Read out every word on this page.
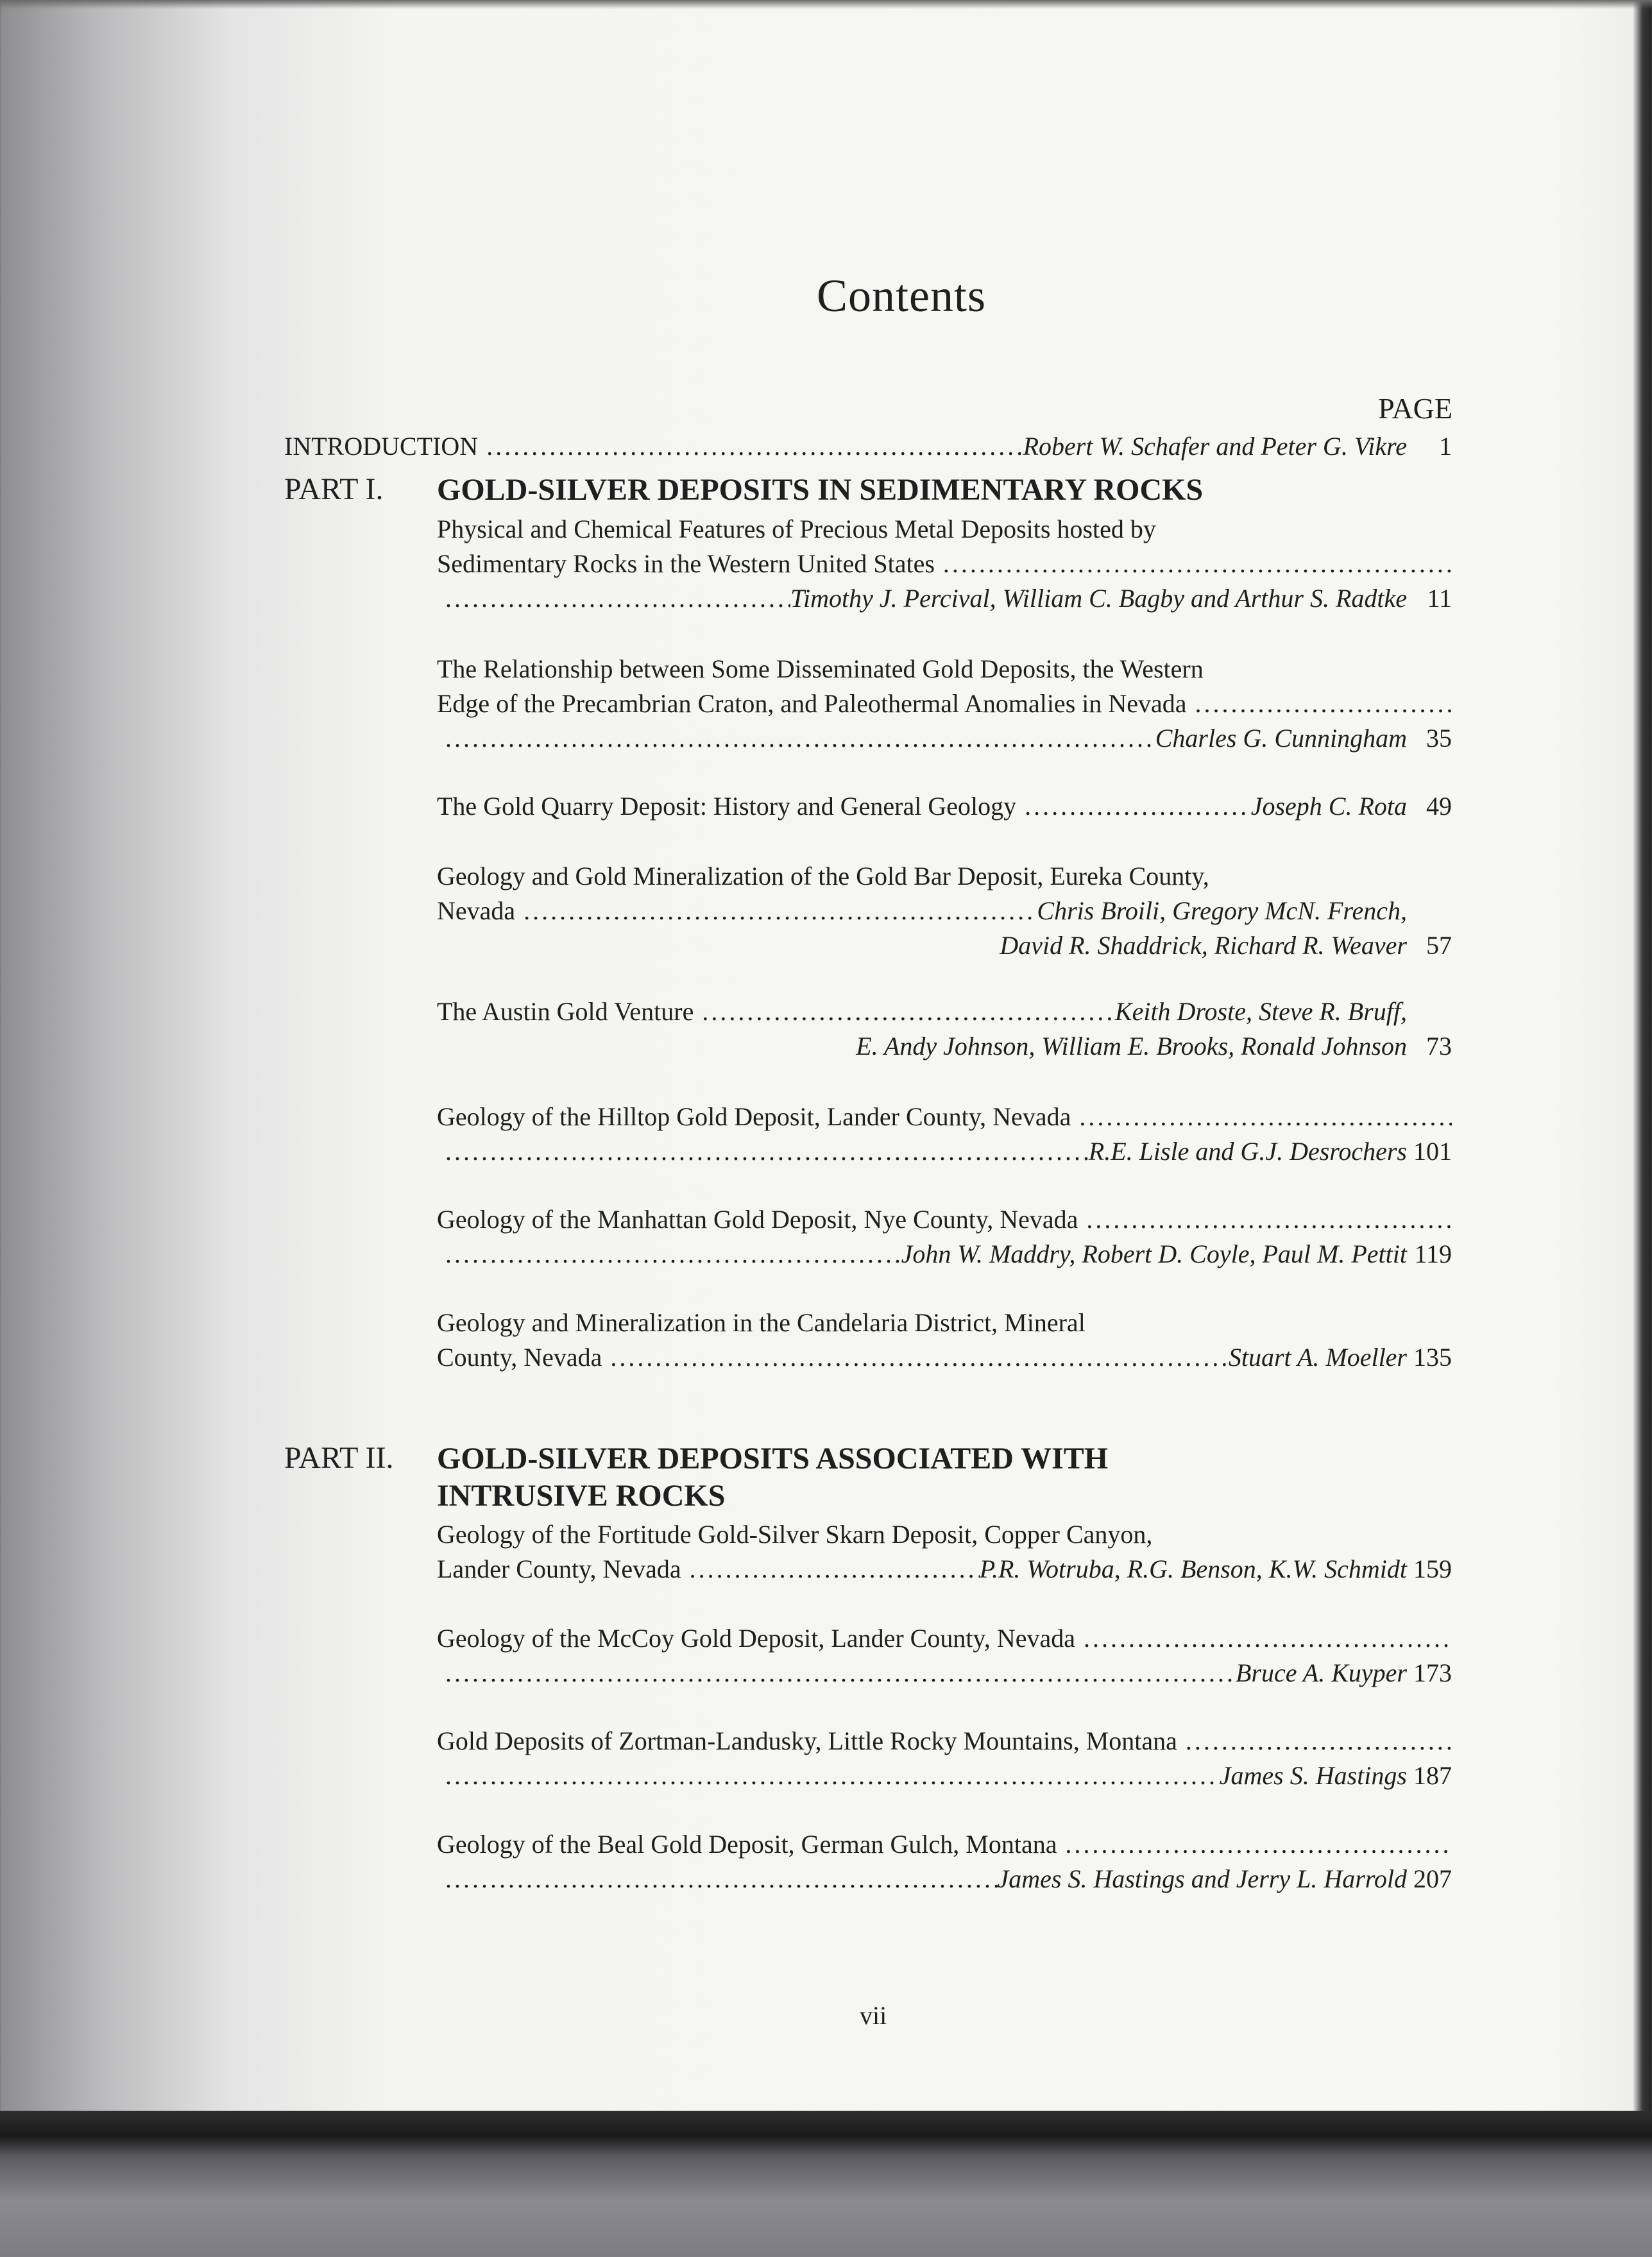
Contents
PAGE
INTRODUCTION . . .	Robert W. Schafer and Peter G. Vikre	1
PART I. GOLD-SILVER DEPOSITS IN SEDIMENTARY ROCKS
Physical and Chemical Features of Precious Metal Deposits hosted by
Sedimentary Rocks in the Western United States
. . .
. . .
Timothy J. Percival, William C. Bagby and Arthur S. Radtke 11
The Relationship between Some Disseminated Gold Deposits, the Western
Edge of the Precambrian Craton, and Paleothermal Anomalies in Nevada
. . .
. . .
Charles G. Cunningham 35
The Gold Quarry Deposit: History and General Geology . . .	Joseph C. Rota 49
Geology and Gold Mineralization of the Gold Bar Deposit, Eureka County,
Nevada . . .	Chris Broili, Gregory McN. French,
David R. Shaddrick, Richard R. Weaver 57
The Austin Gold Venture . . .	Keith Droste, Steve R. Bruff,
E. Andy Johnson, William E. Brooks, Ronald Johnson 73
Geology of the Hilltop Gold Deposit, Lander County, Nevada
. . .
. . .
R.E. Lisle and G.J. Desrochers 101
Geology of the Manhattan Gold Deposit, Nye County, Nevada
. . .
. . .
John W. Maddry, Robert D. Coyle, Paul M. Pettit 119
Geology and Mineralization in the Candelaria District, Mineral
County, Nevada . . .	Stuart A. Moeller 135
PART II. GOLD-SILVER DEPOSITS ASSOCIATED WITH
INTRUSIVE ROCKS
Geology of the Fortitude Gold-Silver Skarn Deposit, Copper Canyon,
Lander County, Nevada . . .	P.R. Wotruba, R.G. Benson, K.W. Schmidt 159
Geology of the McCoy Gold Deposit, Lander County, Nevada
. . .
. . .
Bruce A. Kuyper 173
Gold Deposits of Zortman-Landusky, Little Rocky Mountains, Montana
. . .
. . .
James S. Hastings 187
Geology of the Beal Gold Deposit, German Gulch, Montana
. . .
. . .
James S. Hastings and Jerry L. Harrold 207
vii
